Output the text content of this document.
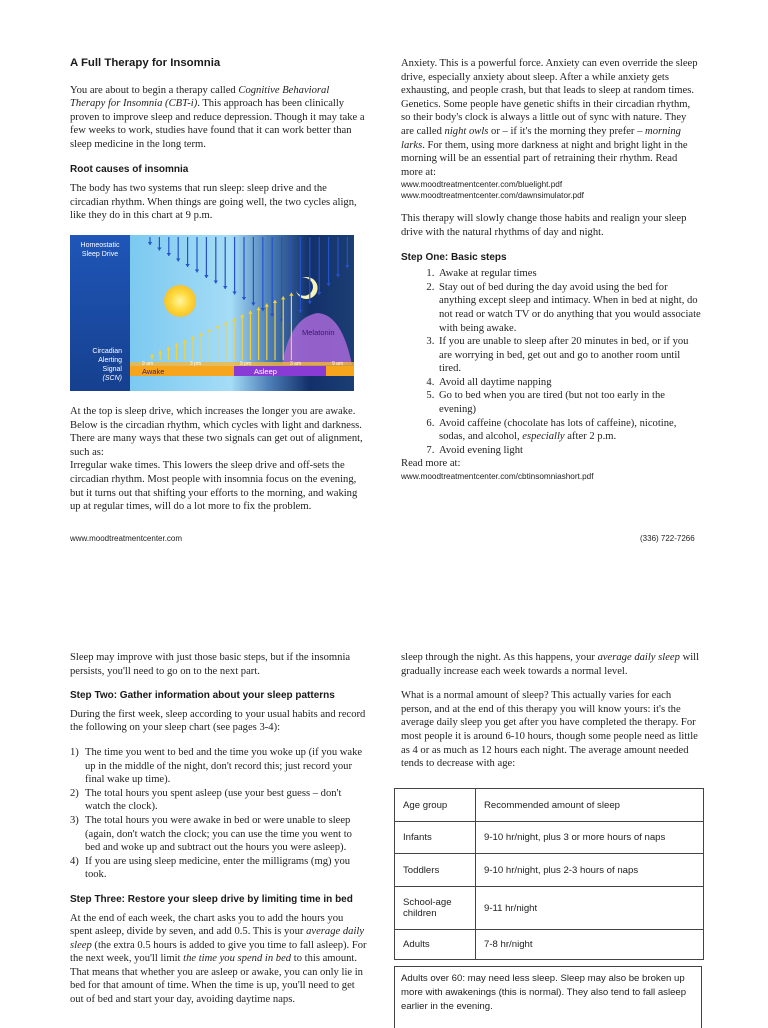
A Full Therapy for Insomnia

You are about to begin a therapy called Cognitive Behavioral Therapy for Insomnia (CBT-i). This approach has been clinically proven to improve sleep and reduce depression. Though it may take a few weeks to work, studies have found that it can work better than sleep medicine in the long term.

Root causes of insomnia

The body has two systems that run sleep: sleep drive and the circadian rhythm. When things are going well, the two cycles align, like they do in this chart at 9 p.m.

9 am	3 pm	9 pm	3 am	9 am
Homeostatic
Sleep Drive
Circadian
Alerting
Signal
(SCN)
Melatonin
Awake	Asleep

At the top is sleep drive, which increases the longer you are awake. Below is the circadian rhythm, which cycles with light and darkness. There are many ways that these two signals can get out of alignment, such as:

Irregular wake times. This lowers the sleep drive and off-sets the circadian rhythm. Most people with insomnia focus on the evening, but it turns out that shifting your efforts to the morning, and waking up at regular times, will do a lot more to fix the problem.

Anxiety. This is a powerful force. Anxiety can even override the sleep drive, especially anxiety about sleep. After a while anxiety gets exhausting, and people crash, but that leads to sleep at random times.

Genetics. Some people have genetic shifts in their circadian rhythm, so their body's clock is always a little out of sync with nature. They are called night owls or – if it's the morning they prefer – morning larks. For them, using more darkness at night and bright light in the morning will be an essential part of retraining their rhythm. Read more at:

www.moodtreatmentcenter.com/bluelight.pdf

www.moodtreatmentcenter.com/dawnsimulator.pdf

This therapy will slowly change those habits and realign your sleep drive with the natural rhythms of day and night.

Step One: Basic steps

1. Awake at regular times
2. Stay out of bed during the day avoid using the bed for anything except sleep and intimacy. When in bed at night, do not read or watch TV or do anything that you would associate with being awake.
3. If you are unable to sleep after 20 minutes in bed, or if you are worrying in bed, get out and go to another room until tired.
4. Avoid all daytime napping
5. Go to bed when you are tired (but not too early in the evening)
6. Avoid caffeine (chocolate has lots of caffeine), nicotine, sodas, and alcohol, especially after 2 p.m.
7. Avoid evening light

Read more at:

www.moodtreatmentcenter.com/cbtinsomniashort.pdf

www.moodtreatmentcenter.com	(336) 722-7266

Sleep may improve with just those basic steps, but if the insomnia persists, you'll need to go on to the next part.

Step Two: Gather information about your sleep patterns

During the first week, sleep according to your usual habits and record the following on your sleep chart (see pages 3-4):

1) The time you went to bed and the time you woke up (if you wake up in the middle of the night, don't record this; just record your final wake up time).
2) The total hours you spent asleep (use your best guess – don't watch the clock).
3) The total hours you were awake in bed or were unable to sleep (again, don't watch the clock; you can use the time you went to bed and woke up and subtract out the hours you were asleep).
4) If you are using sleep medicine, enter the milligrams (mg) you took.

Step Three: Restore your sleep drive by limiting time in bed

At the end of each week, the chart asks you to add the hours you spent asleep, divide by seven, and add 0.5. This is your average daily sleep (the extra 0.5 hours is added to give you time to fall asleep). For the next week, you'll limit the time you spend in bed to this amount. That means that whether you are asleep or awake, you can only lie in bed for that amount of time. When the time is up, you'll need to get out of bed and start your day, avoiding daytime naps.

sleep through the night. As this happens, your average daily sleep will gradually increase each week towards a normal level.

What is a normal amount of sleep? This actually varies for each person, and at the end of this therapy you will know yours: it's the average daily sleep you get after you have completed the therapy. For most people it is around 6-10 hours, though some people need as little as 4 or as much as 12 hours each night. The average amount needed tends to decrease with age:

Age group	Recommended amount of sleep
Infants	9-10 hr/night, plus 3 or more hours of naps
Toddlers	9-10 hr/night, plus 2-3 hours of naps
School-age children	9-11 hr/night
Adults	7-8 hr/night
Adults over 60: may need less sleep. Sleep may also be broken up more with awakenings (this is normal). They also tend to fall asleep earlier in the evening.
